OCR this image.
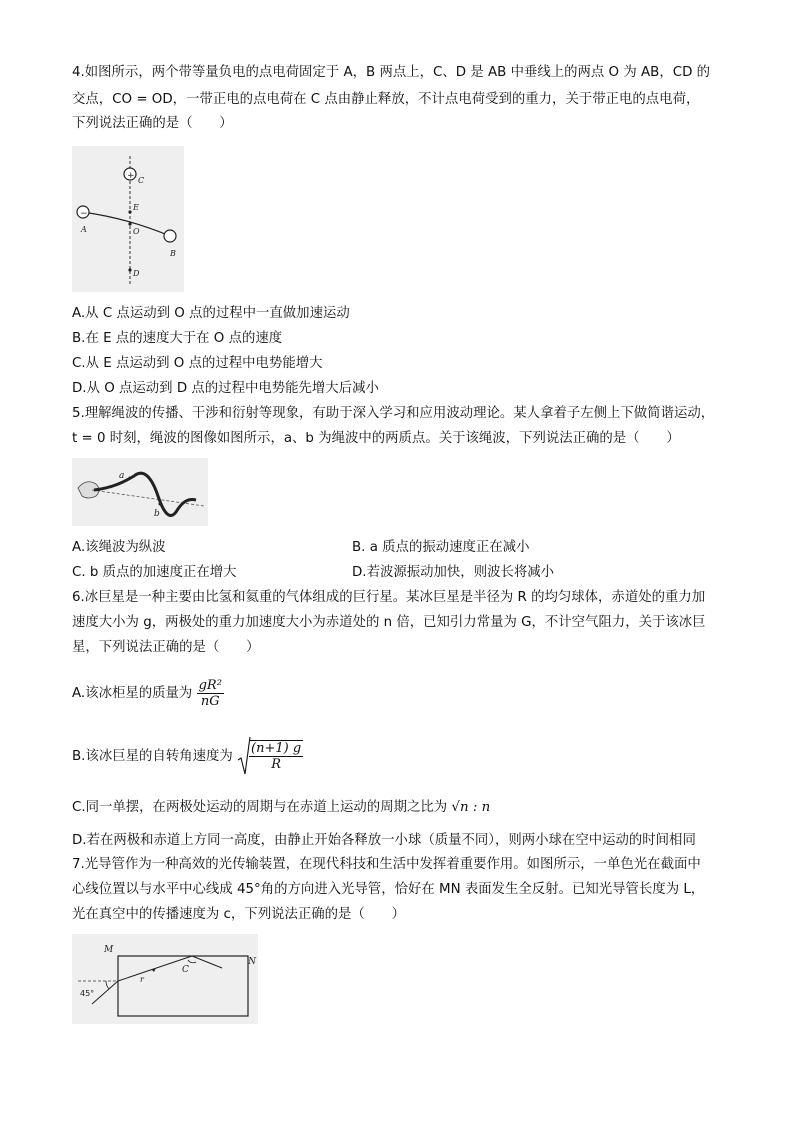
4.如图所示，两个带等量负电的点电荷固定于 A，B 两点上，C、D 是 AB 中垂线上的两点 O 为 AB，CD 的
交点，CO = OD，一带正电的点电荷在 C 点由静止释放，不计点电荷受到的重力，关于带正电的点电荷，
下列说法正确的是（　　）
+
−
C
E
O
A
B
D
A.从 C 点运动到 O 点的过程中一直做加速运动
B.在 E 点的速度大于在 O 点的速度
C.从 E 点运动到 O 点的过程中电势能增大
D.从 O 点运动到 D 点的过程中电势能先增大后减小
5.理解绳波的传播、干涉和衍射等现象，有助于深入学习和应用波动理论。某人拿着子左侧上下做简谐运动，
t = 0 时刻，绳波的图像如图所示，a、b 为绳波中的两质点。关于该绳波，下列说法正确的是（　　）
a
b
A.该绳波为纵波	B. a 质点的振动速度正在减小
C. b 质点的加速度正在增大	D.若波源振动加快，则波长将减小
6.冰巨星是一种主要由比氢和氦重的气体组成的巨行星。某冰巨星是半径为 R 的均匀球体，赤道处的重力加
速度大小为 g，两极处的重力加速度大小为赤道处的 n 倍，已知引力常量为 G，不计空气阻力，关于该冰巨
星，下列说法正确的是（　　）
A.该冰柜星的质量为 $\frac{\text{gR²}}{nG}$
B.该冰巨星的自转角速度为 $\frac{(n+1) g}{R}$
C.同一单摆，在两极处运动的周期与在赤道上运动的周期之比为 √n : n
D.若在两极和赤道上方同一高度，由静止开始各释放一小球（质量不同），则两小球在空中运动的时间相同
7.光导管作为一种高效的光传输装置，在现代科技和生活中发挥着重要作用。如图所示，一单色光在截面中
心线位置以与水平中心线成 45°角的方向进入光导管，恰好在 MN 表面发生全反射。已知光导管长度为 L，
光在真空中的传播速度为 c，下列说法正确的是（　　）
M
N
C
r
45°
